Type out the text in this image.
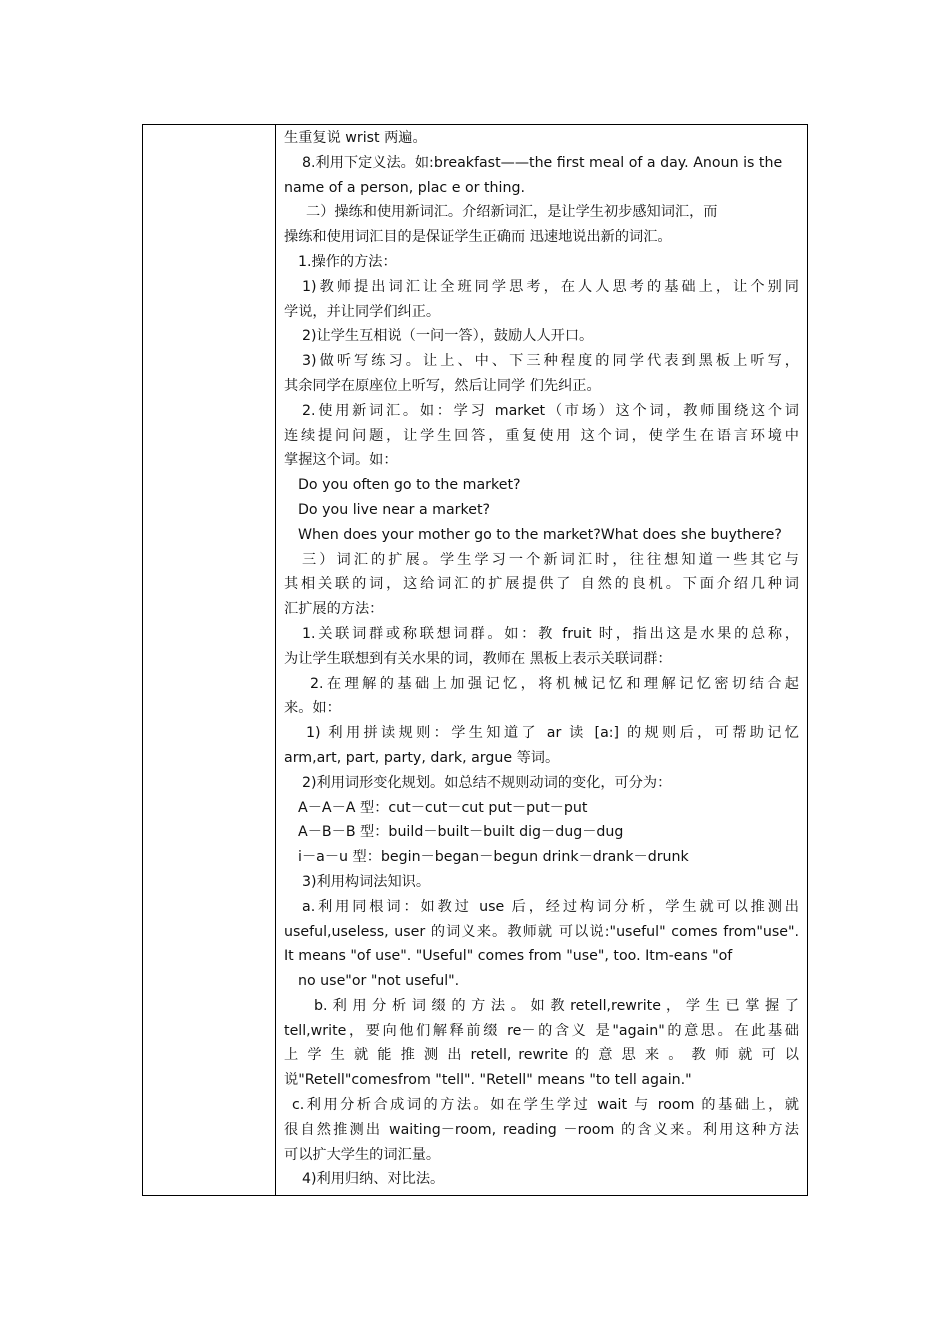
生重复说 wrist 两遍。
8.利用下定义法。如:breakfast——the first meal of a day. Anoun is the
name of a person, plac e or thing.
二）操练和使用新词汇。介绍新词汇，是让学生初步感知词汇，而
操练和使用词汇目的是保证学生正确而 迅速地说出新的词汇。
1.操作的方法：
1)教师提出词汇让全班同学思考，在人人思考的基础上，让个别同
学说，并让同学们纠正。
2)让学生互相说（一问一答），鼓励人人开口。
3)做听写练习。让上、中、下三种程度的同学代表到黑板上听写，
其余同学在原座位上听写，然后让同学 们先纠正。
2.使用新词汇。如：学习 market（市场）这个词，教师围绕这个词
连续提问问题，让学生回答，重复使用 这个词，使学生在语言环境中
掌握这个词。如：
Do you often go to the market?
Do you live near a market?
When does your mother go to the market?What does she buythere?
三）词汇的扩展。学生学习一个新词汇时，往往想知道一些其它与
其相关联的词，这给词汇的扩展提供了 自然的良机。下面介绍几种词
汇扩展的方法：
1.关联词群或称联想词群。如：教 fruit 时，指出这是水果的总称，
为让学生联想到有关水果的词，教师在 黑板上表示关联词群：
2.在理解的基础上加强记忆，将机械记忆和理解记忆密切结合起
来。如：
1) 利用拼读规则：学生知道了 ar 读 [a:] 的规则后，可帮助记忆
arm,art, part, party, dark, argue 等词。
2)利用词形变化规划。如总结不规则动词的变化，可分为：
A－A－A 型：cut－cut－cut put－put－put
A－B－B 型：build－built－built dig－dug－dug
i－a－u 型：begin－began－begun drink－drank－drunk
3)利用构词法知识。
a.利用同根词：如教过 use 后，经过构词分析，学生就可以推测出
useful,useless, user 的词义来。教师就 可以说:"useful" comes from"use".
It means "of use". "Useful" comes from "use", too. Itm-eans "of
no use"or "not useful".
b. 利 用 分 析 词 缀 的 方 法 。 如 教 retell,rewrite ， 学 生 已 掌 握 了
tell,write，要向他们解释前缀 re－的含义 是"again"的意思。在此基础
上 学 生 就 能 推 测 出 retell, rewrite 的 意 思 来 。 教 师 就 可 以
说"Retell"comesfrom "tell". "Retell" means "to tell again."
c.利用分析合成词的方法。如在学生学过 wait 与 room 的基础上，就
很自然推测出 waiting－room, reading －room 的含义来。利用这种方法
可以扩大学生的词汇量。
4)利用归纳、对比法。
